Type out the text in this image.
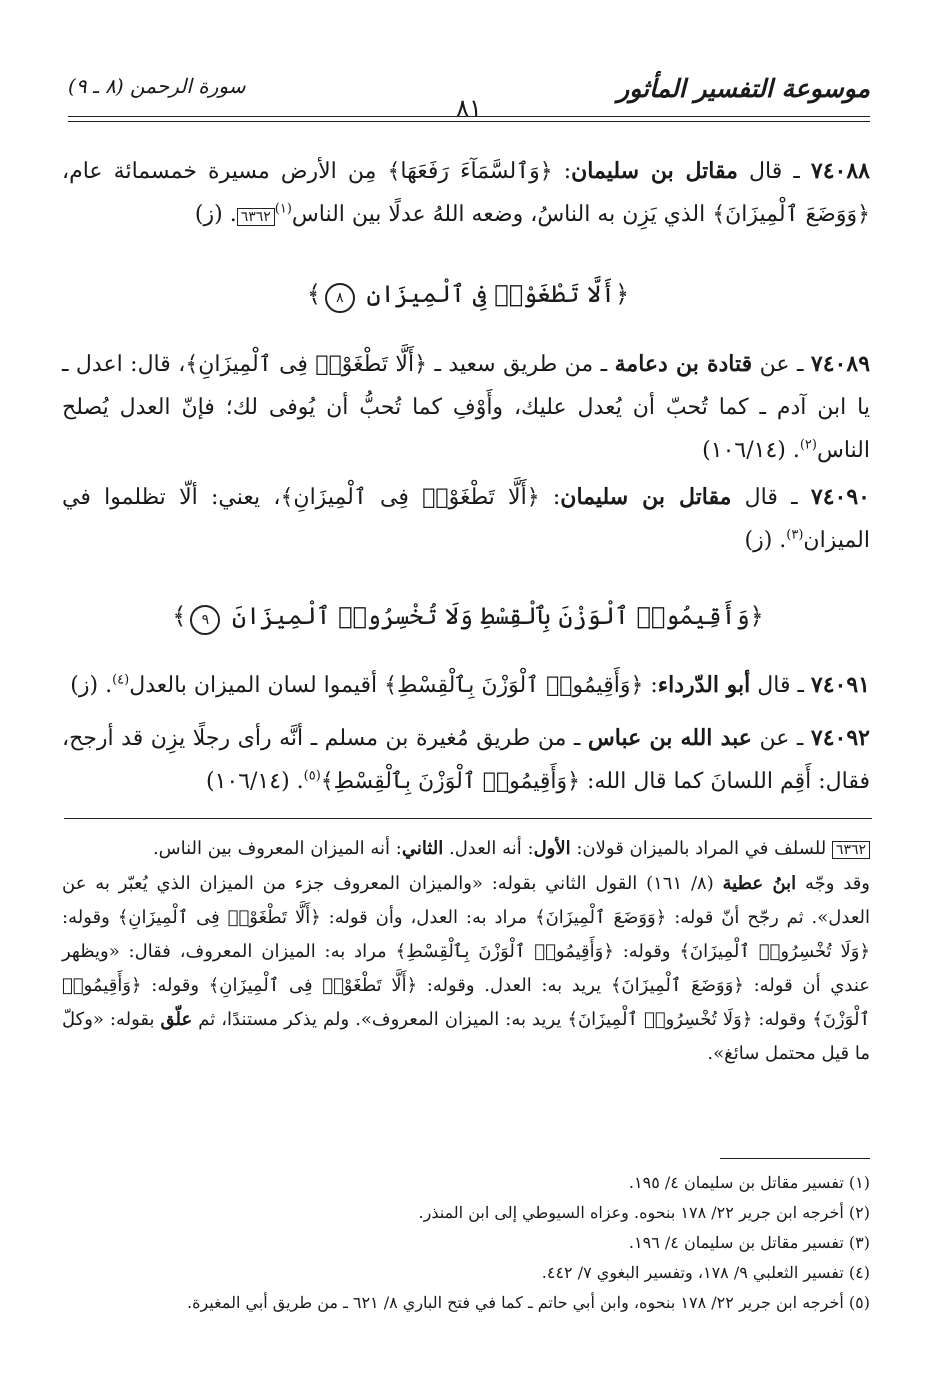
موسوعة التفسير المأثور
٨١
سورة الرحمن (٨ ـ ٩)
٧٤٠٨٨ ـ قال مقاتل بن سليمان: ﴿وَٱلسَّمَآءَ رَفَعَهَا﴾ مِن الأرض مسيرة خمسمائة عام، ﴿وَوَضَعَ ٱلْمِيزَانَ﴾ الذي يَزِن به الناسُ، وضعه اللهُ عدلًا بين الناس$^{(١)}$٦٣٦٢. (ز)
﴿أَلَّا تَطْغَوْا۟ فِى ٱلْمِيزَانِ ٨﴾
٧٤٠٨٩ ـ عن قتادة بن دعامة ـ من طريق سعيد ـ ﴿أَلَّا تَطْغَوْا۟ فِى ٱلْمِيزَانِ﴾، قال: اعدل ـ يا ابن آدم ـ كما تُحبّ أن يُعدل عليك، وأَوْفِ كما تُحبُّ أن يُوفى لك؛ فإنّ العدل يُصلح الناس$^{(٢)}$. (١٠٦/١٤)
٧٤٠٩٠ ـ قال مقاتل بن سليمان: ﴿أَلَّا تَطْغَوْا۟ فِى ٱلْمِيزَانِ﴾، يعني: ألّا تظلموا في الميزان$^{(٣)}$. (ز)
﴿وَأَقِيمُوا۟ ٱلْوَزْنَ بِٱلْقِسْطِ وَلَا تُخْسِرُوا۟ ٱلْمِيزَانَ ٩﴾
٧٤٠٩١ ـ قال أبو الدّرداء: ﴿وَأَقِيمُوا۟ ٱلْوَزْنَ بِٱلْقِسْطِ﴾ أقيموا لسان الميزان بالعدل$^{(٤)}$. (ز)
٧٤٠٩٢ ـ عن عبد الله بن عباس ـ من طريق مُغيرة بن مسلم ـ أنَّه رأى رجلًا يزِن قد أرجح، فقال: أَقِم اللسانَ كما قال الله: ﴿وَأَقِيمُوا۟ ٱلْوَزْنَ بِٱلْقِسْطِ﴾$^{(٥)}$. (١٠٦/١٤)
٦٣٦٢ للسلف في المراد بالميزان قولان: الأول: أنه العدل. الثاني: أنه الميزان المعروف بين الناس.
وقد وجّه ابنُ عطية (٨/ ١٦١) القول الثاني بقوله: «والميزان المعروف جزء من الميزان الذي يُعبّر به عن العدل». ثم رجّح أنّ قوله: ﴿وَوَضَعَ ٱلْمِيزَانَ﴾ مراد به: العدل، وأن قوله: ﴿أَلَّا تَطْغَوْا۟ فِى ٱلْمِيزَانِ﴾ وقوله: ﴿وَلَا تُخْسِرُوا۟ ٱلْمِيزَانَ﴾ وقوله: ﴿وَأَقِيمُوا۟ ٱلْوَزْنَ بِٱلْقِسْطِ﴾ مراد به: الميزان المعروف، فقال: «ويظهر عندي أن قوله: ﴿وَوَضَعَ ٱلْمِيزَانَ﴾ يريد به: العدل. وقوله: ﴿أَلَّا تَطْغَوْا۟ فِى ٱلْمِيزَانِ﴾ وقوله: ﴿وَأَقِيمُوا۟ ٱلْوَزْنَ﴾ وقوله: ﴿وَلَا تُخْسِرُوا۟ ٱلْمِيزَانَ﴾ يريد به: الميزان المعروف». ولم يذكر مستندًا، ثم علّق بقوله: «وكلّ ما قيل محتمل سائغ».
(١) تفسير مقاتل بن سليمان ٤/ ١٩٥.
(٢) أخرجه ابن جرير ٢٢/ ١٧٨ بنحوه. وعزاه السيوطي إلى ابن المنذر.
(٣) تفسير مقاتل بن سليمان ٤/ ١٩٦.
(٤) تفسير الثعلبي ٩/ ١٧٨، وتفسير البغوي ٧/ ٤٤٢.
(٥) أخرجه ابن جرير ٢٢/ ١٧٨ بنحوه، وابن أبي حاتم ـ كما في فتح الباري ٨/ ٦٢١ ـ من طريق أبي المغيرة.
